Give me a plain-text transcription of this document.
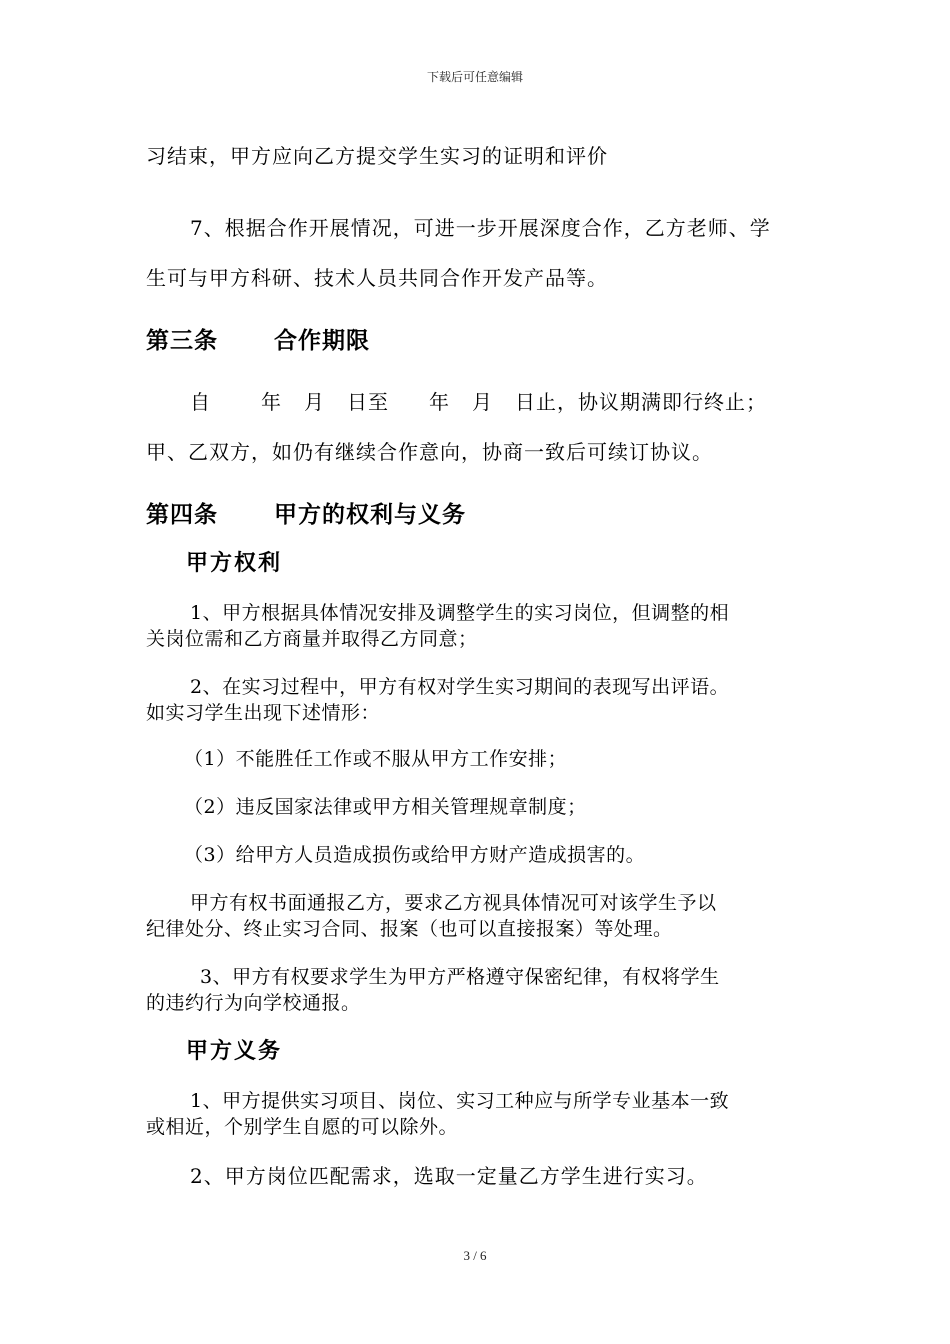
下载后可任意编辑
习结束，甲方应向乙方提交学生实习的证明和评价
7、根据合作开展情况，可进一步开展深度合作，乙方老师、学
生可与甲方科研、技术人员共同合作开发产品等。
第三条 合作期限
自	年 月 日至 年 月 日止，协议期满即行终止；
甲、乙双方，如仍有继续合作意向，协商一致后可续订协议。
第四条 甲方的权利与义务
甲方权利
1、甲方根据具体情况安排及调整学生的实习岗位，但调整的相
关岗位需和乙方商量并取得乙方同意；
2、在实习过程中，甲方有权对学生实习期间的表现写出评语。
如实习学生出现下述情形：
（1）不能胜任工作或不服从甲方工作安排；
（2）违反国家法律或甲方相关管理规章制度；
（3）给甲方人员造成损伤或给甲方财产造成损害的。
甲方有权书面通报乙方，要求乙方视具体情况可对该学生予以
纪律处分、终止实习合同、报案（也可以直接报案）等处理。
3、甲方有权要求学生为甲方严格遵守保密纪律，有权将学生
的违约行为向学校通报。
甲方义务
1、甲方提供实习项目、岗位、实习工种应与所学专业基本一致
或相近，个别学生自愿的可以除外。
2、甲方岗位匹配需求，选取一定量乙方学生进行实习。
3 / 6
